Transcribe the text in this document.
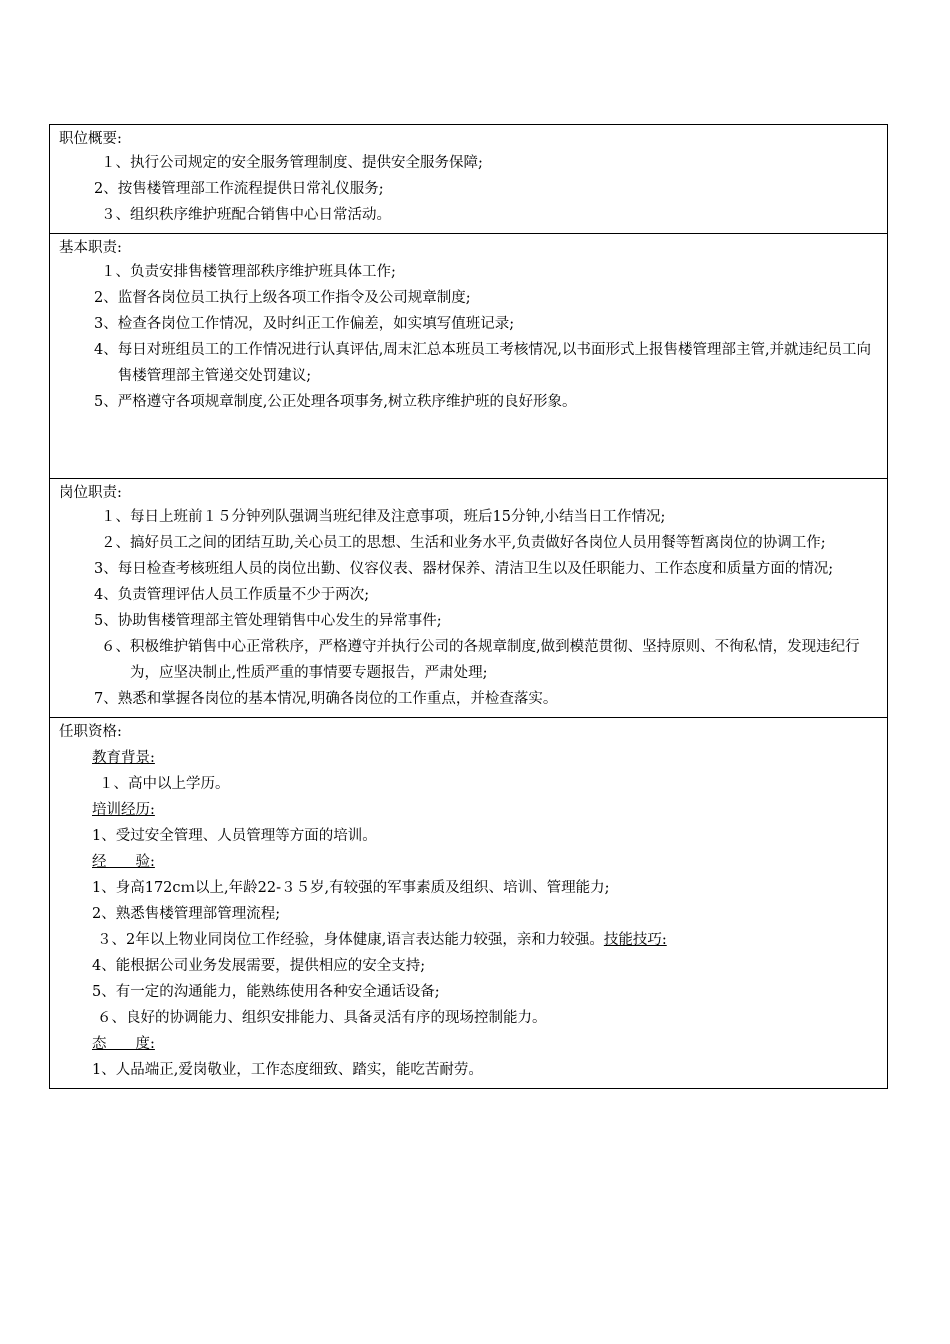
职位概要:
１、 执行公司规定的安全服务管理制度、提供安全服务保障;
2、 按售楼管理部工作流程提供日常礼仪服务;
３、 组织秩序维护班配合销售中心日常活动。

基本职责:
１、 负责安排售楼管理部秩序维护班具体工作;
2、 监督各岗位员工执行上级各项工作指令及公司规章制度;
3、 检查各岗位工作情况，及时纠正工作偏差，如实填写值班记录;
4、 每日对班组员工的工作情况进行认真评估,周末汇总本班员工考核情况,以书面形式上报售楼管理部主管,并就违纪员工向售楼管理部主管递交处罚建议;
5、 严格遵守各项规章制度,公正处理各项事务,树立秩序维护班的良好形象。

岗位职责:
１、 每日上班前１５分钟列队强调当班纪律及注意事项，班后15分钟,小结当日工作情况;
２、 搞好员工之间的团结互助,关心员工的思想、生活和业务水平,负责做好各岗位人员用餐等暂离岗位的协调工作;
3、 每日检查考核班组人员的岗位出勤、仪容仪表、器材保养、清洁卫生以及任职能力、工作态度和质量方面的情况;
4、 负责管理评估人员工作质量不少于两次;
5、 协助售楼管理部主管处理销售中心发生的异常事件;
６、 积极维护销售中心正常秩序，严格遵守并执行公司的各规章制度,做到模范贯彻、坚持原则、不徇私情，发现违纪行为，应坚决制止,性质严重的事情要专题报告，严肃处理;
7、 熟悉和掌握各岗位的基本情况,明确各岗位的工作重点，并检查落实。

任职资格:
教育背景:
１、高中以上学历。
培训经历:
1、受过安全管理、人员管理等方面的培训。
经　　验:
1、身高172cｍ以上,年龄22-３５岁,有较强的军事素质及组织、培训、管理能力;
2、熟悉售楼管理部管理流程;
３、2年以上物业同岗位工作经验，身体健康,语言表达能力较强，亲和力较强。技能技巧:
4、能根据公司业务发展需要，提供相应的安全支持;
5、有一定的沟通能力，能熟练使用各种安全通话设备;
６、良好的协调能力、组织安排能力、具备灵活有序的现场控制能力。
态　　度:
1、人品端正,爱岗敬业，工作态度细致、踏实，能吃苦耐劳。
